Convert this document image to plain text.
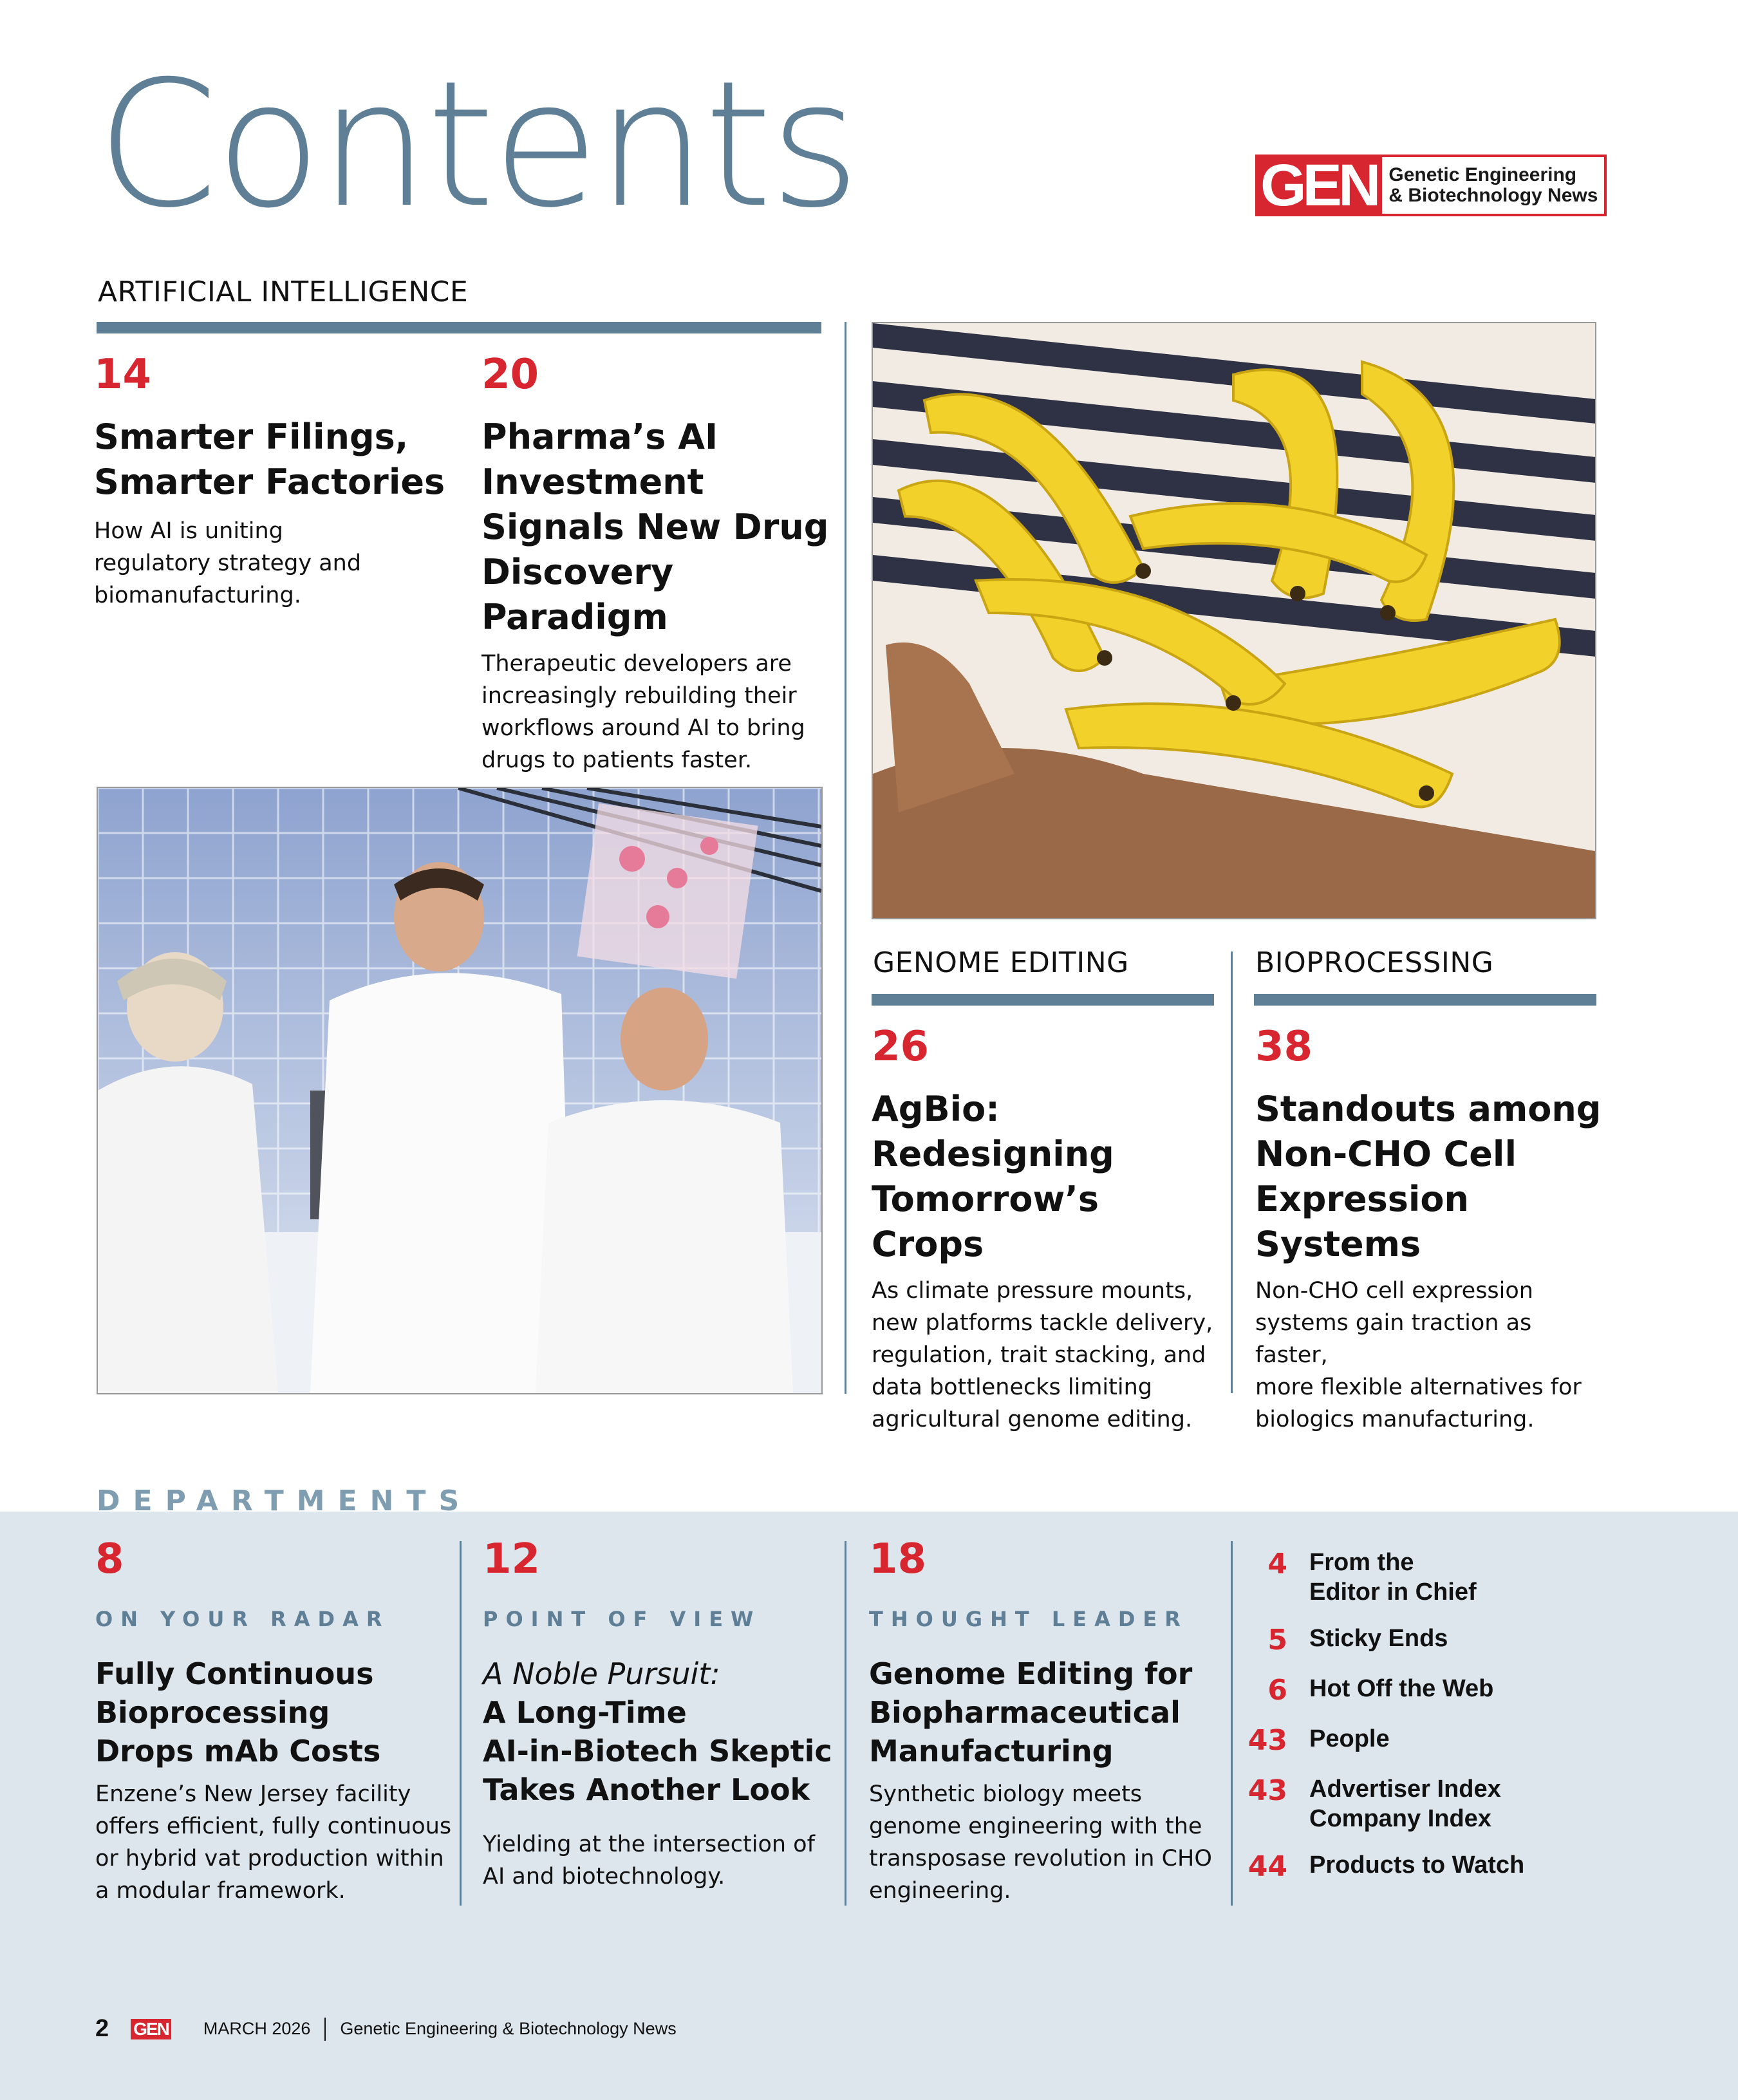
Contents	GEN Genetic Engineering
& Biotechnology News
ARTIFICIAL INTELLIGENCE
14
Smarter Filings,
Smarter Factories
How AI is uniting
regulatory strategy and
biomanufacturing.
20
Pharma’s AI
Investment
Signals New Drug
Discovery Paradigm
Therapeutic developers are
increasingly rebuilding their
workflows around AI to bring
drugs to patients faster.
GENOME EDITING
26
AgBio:
Redesigning
Tomorrow’s Crops
As climate pressure mounts,
new platforms tackle delivery,
regulation, trait stacking, and
data bottlenecks limiting
agricultural genome editing.
BIOPROCESSING
38
Standouts among
Non-CHO Cell
Expression Systems
Non-CHO cell expression
systems gain traction as faster,
more flexible alternatives for
biologics manufacturing.
DEPARTMENTS
8
ON YOUR RADAR
Fully Continuous
Bioprocessing
Drops mAb Costs
Enzene’s New Jersey facility
offers efficient, fully continuous
or hybrid vat production within
a modular framework.
12
POINT OF VIEW
A Noble Pursuit:
A Long-Time
AI-in-Biotech Skeptic
Takes Another Look
Yielding at the intersection of
AI and biotechnology.
18
THOUGHT LEADER
Genome Editing for
Biopharmaceutical
Manufacturing
Synthetic biology meets
genome engineering with the
transposase revolution in CHO
engineering.
4 From the
Editor in Chief
5 Sticky Ends
6 Hot Off the Web
43 People
43 Advertiser Index
Company Index
44 Products to Watch
2 GEN MARCH 2026 Genetic Engineering & Biotechnology News
